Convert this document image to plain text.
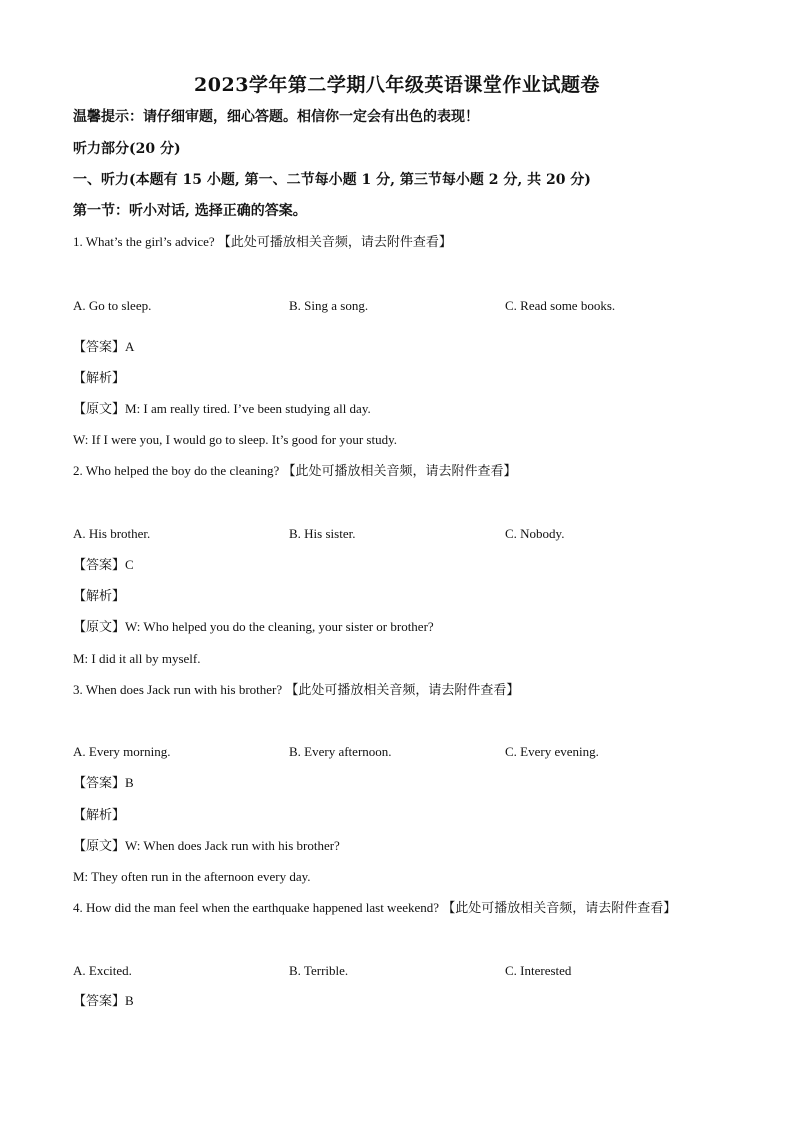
2023学年第二学期八年级英语课堂作业试题卷
温馨提示：请仔细审题，细心答题。相信你一定会有出色的表现！
听力部分(20 分)
一、听力(本题有 15 小题, 第一、二节每小题 1 分, 第三节每小题 2 分, 共 20 分)
第一节：听小对话, 选择正确的答案。
1. What’s the girl’s advice? 【此处可播放相关音频，请去附件查看】
A. Go to sleep.	B. Sing a song.	C. Read some books.
【答案】A
【解析】
【原文】M: I am really tired. I’ve been studying all day.
W: If I were you, I would go to sleep. It’s good for your study.
2. Who helped the boy do the cleaning? 【此处可播放相关音频，请去附件查看】
A. His brother.	B. His sister.	C. Nobody.
【答案】C
【解析】
【原文】W: Who helped you do the cleaning, your sister or brother?
M: I did it all by myself.
3. When does Jack run with his brother? 【此处可播放相关音频，请去附件查看】
A. Every morning.	B. Every afternoon.	C. Every evening.
【答案】B
【解析】
【原文】W: When does Jack run with his brother?
M: They often run in the afternoon every day.
4. How did the man feel when the earthquake happened last weekend? 【此处可播放相关音频，请去附件查看】
A. Excited.	B. Terrible.	C. Interested
【答案】B
